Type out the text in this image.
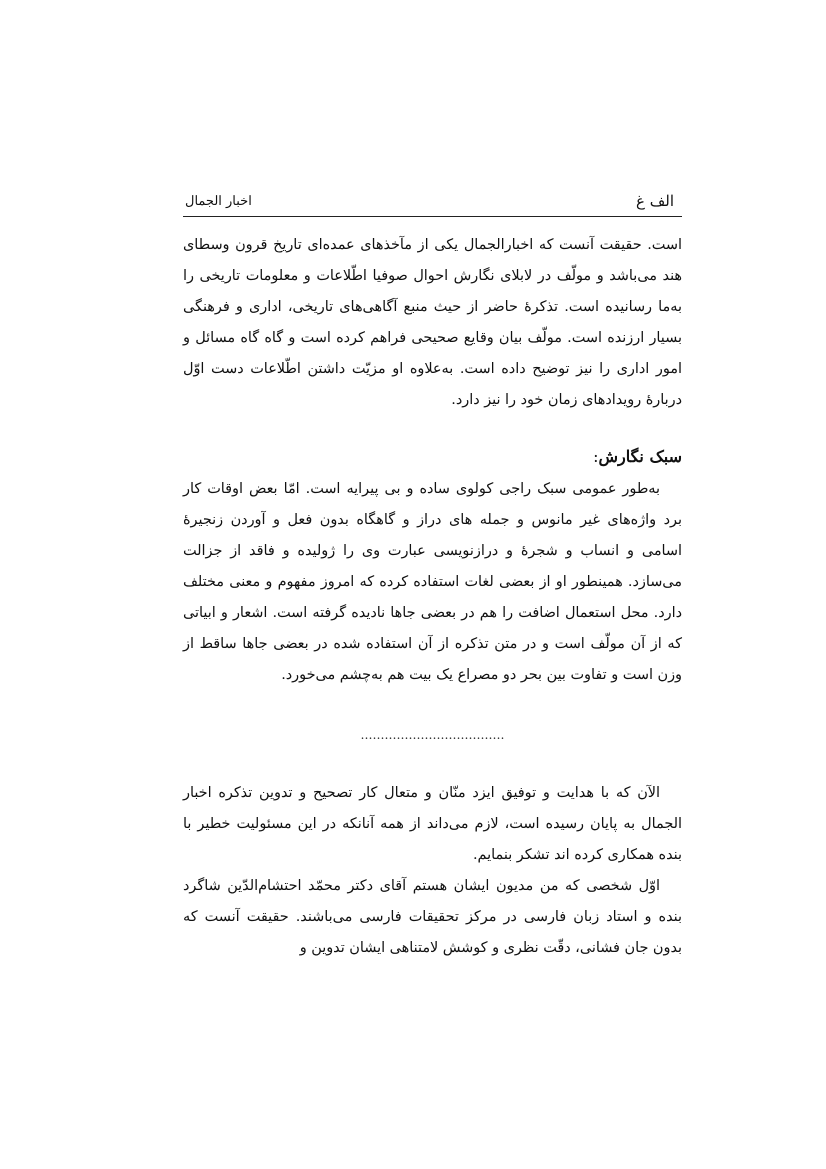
الف غ
اخبار الجمال

است. حقیقت آنست که اخبارالجمال یکی از مآخذهای عمده‌ای تاریخ قرون وسطای هند می‌باشد و مولّف در لابلای نگارش احوال صوفیا اطّلاعات و معلومات تاریخی را به‌ما رسانیده است. تذکرهٔ حاضر از حیث منبع آگاهی‌های تاریخی، اداری و فرهنگی بسیار ارزنده است. مولّف بیان وقایع صحیحی فراهم کرده است و گاه گاه مسائل و امور اداری را نیز توضیح داده است. به‌علاوه او مزیّت داشتن اطّلاعات دست اوّل دربارهٔ رویدادهای زمان خود را نیز دارد.

سبک نگارش:

به‌طور عمومی سبک راجی کولوی ساده و بی پیرایه است. امّا بعض اوقات کار برد واژه‌های غیر مانوس و جمله های دراز و گاهگاه بدون فعل و آوردن زنجیرهٔ اسامی و انساب و شجرهٔ و درازنویسی عبارت وی را ژولیده و فاقد از جزالت می‌سازد. همینطور او از بعضی لغات استفاده کرده که امروز مفهوم و معنی مختلف دارد. محل استعمال اضافت را هم در بعضی جاها نادیده گرفته است. اشعار و ابیاتی که از آن مولّف است و در متن تذکره از آن استفاده شده در بعضی جاها ساقط از وزن است و تفاوت بین بحر دو مصراع یک بیت هم به‌چشم می‌خورد.

………………………………

الآن که با هدایت و توفیق ایزد منّان و متعال کار تصحیح و تدوین تذکره اخبار الجمال به پایان رسیده است، لازم می‌داند از همه آنانکه در این مسئولیت خطیر با بنده همکاری کرده اند تشکر بنمایم.

اوّل شخصی که من مدیون ایشان هستم آقای دکتر محمّد احتشام‌الدّین شاگرد بنده و استاد زبان فارسی در مرکز تحقیقات فارسی می‌باشند. حقیقت آنست که بدون جان فشانی، دقّت نظری و کوشش لامتناهی ایشان تدوین و
